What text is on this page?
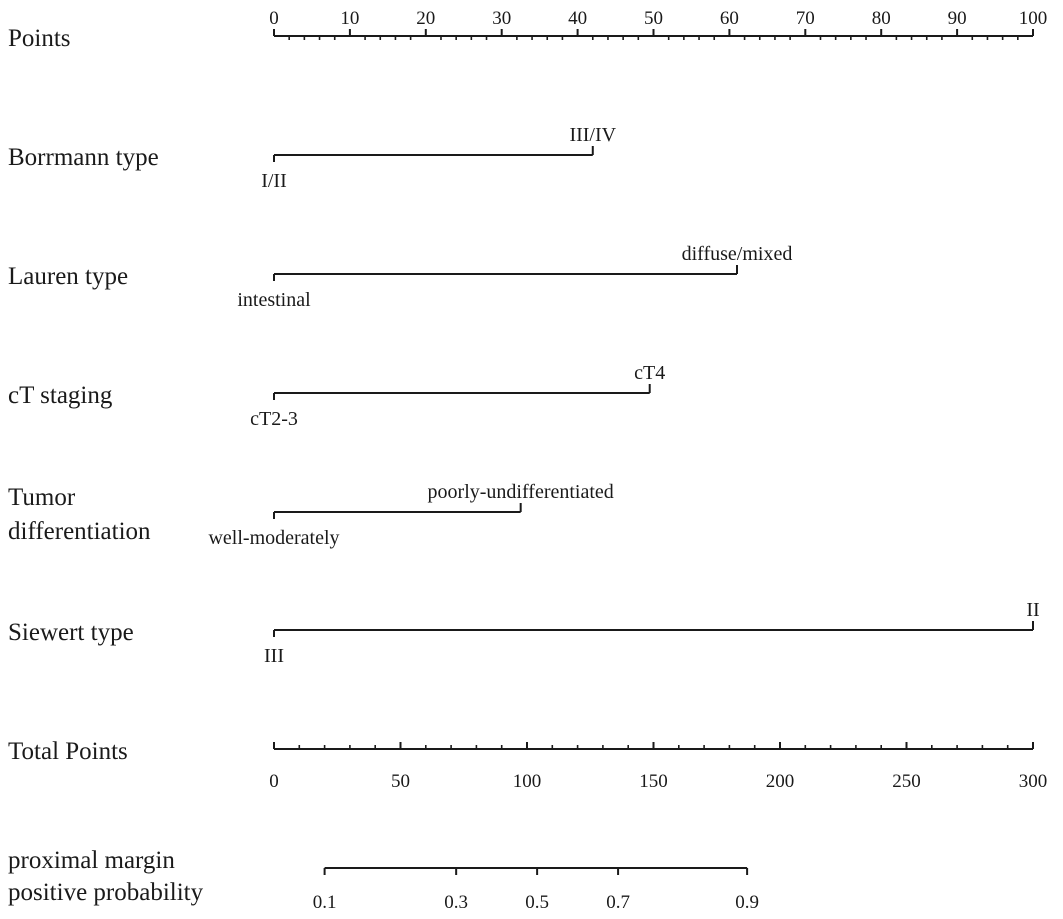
Points
0	10	20	30	40	50	60	70	80	90	100
Borrmann type
I/II
III/IV
Lauren type
intestinal
diffuse/mixed
cT staging
cT2-3
cT4
Tumor
differentiation	well-moderately
poorly-undifferentiated
Siewert type
III
II
Total Points
0	50	100	150	200	250	300
proximal margin
positive probability	0.1	0.3	0.5	0.7	0.9
